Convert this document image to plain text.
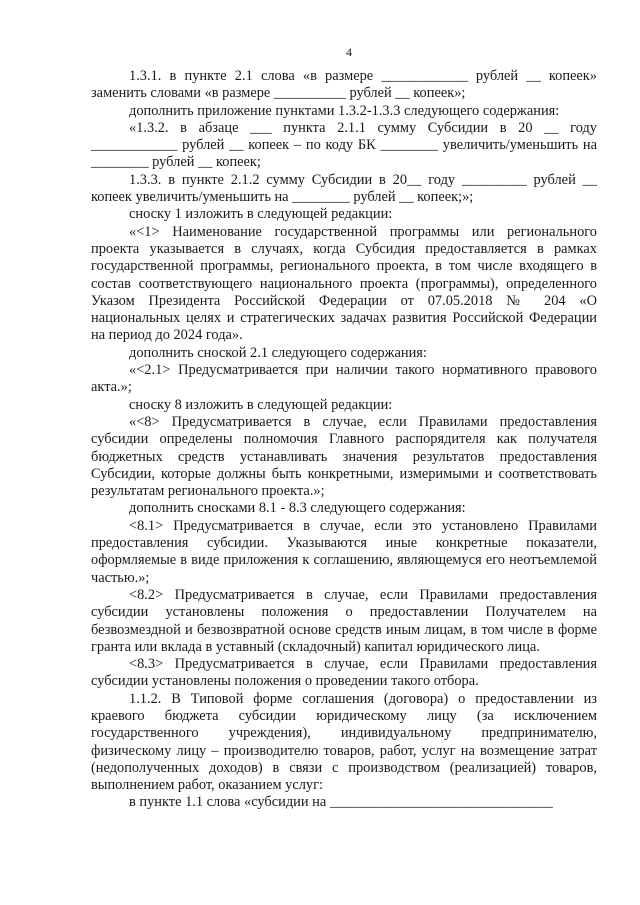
4

1.3.1. в пункте 2.1 слова «в размере ____________ рублей __ копеек» заменить словами «в размере __________ рублей __ копеек»;

дополнить приложение пунктами 1.3.2-1.3.3 следующего содержания:

«1.3.2. в абзаце ___ пункта 2.1.1 сумму Субсидии в 20 __ году ____________ рублей __ копеек – по коду БК ________ увеличить/уменьшить на ________ рублей __ копеек;

1.3.3. в пункте 2.1.2 сумму Субсидии в 20__ году _________ рублей __ копеек увеличить/уменьшить на ________ рублей __ копеек;»;

сноску 1 изложить в следующей редакции:

«<1> Наименование государственной программы или регионального проекта указывается в случаях, когда Субсидия предоставляется в рамках государственной программы, регионального проекта, в том числе входящего в состав соответствующего национального проекта (программы), определенного Указом Президента Российской Федерации от 07.05.2018 № 204 «О национальных целях и стратегических задачах развития Российской Федерации на период до 2024 года».

дополнить сноской 2.1 следующего содержания:

«<2.1> Предусматривается при наличии такого нормативного правового акта.»;

сноску 8 изложить в следующей редакции:

«<8> Предусматривается в случае, если Правилами предоставления субсидии определены полномочия Главного распорядителя как получателя бюджетных средств устанавливать значения результатов предоставления Субсидии, которые должны быть конкретными, измеримыми и соответствовать результатам регионального проекта.»;

дополнить сносками 8.1 - 8.3 следующего содержания:

<8.1> Предусматривается в случае, если это установлено Правилами предоставления субсидии. Указываются иные конкретные показатели, оформляемые в виде приложения к соглашению, являющемуся его неотъемлемой частью.»;

<8.2> Предусматривается в случае, если Правилами предоставления субсидии установлены положения о предоставлении Получателем на безвозмездной и безвозвратной основе средств иным лицам, в том числе в форме гранта или вклада в уставный (складочный) капитал юридического лица.

<8.3> Предусматривается в случае, если Правилами предоставления субсидии установлены положения о проведении такого отбора.

1.1.2. В Типовой форме соглашения (договора) о предоставлении из краевого бюджета субсидии юридическому лицу (за исключением государственного учреждения), индивидуальному предпринимателю, физическому лицу – производителю товаров, работ, услуг на возмещение затрат (недополученных доходов) в связи с производством (реализацией) товаров, выполнением работ, оказанием услуг:

в пункте 1.1 слова «субсидии на _______________________________
